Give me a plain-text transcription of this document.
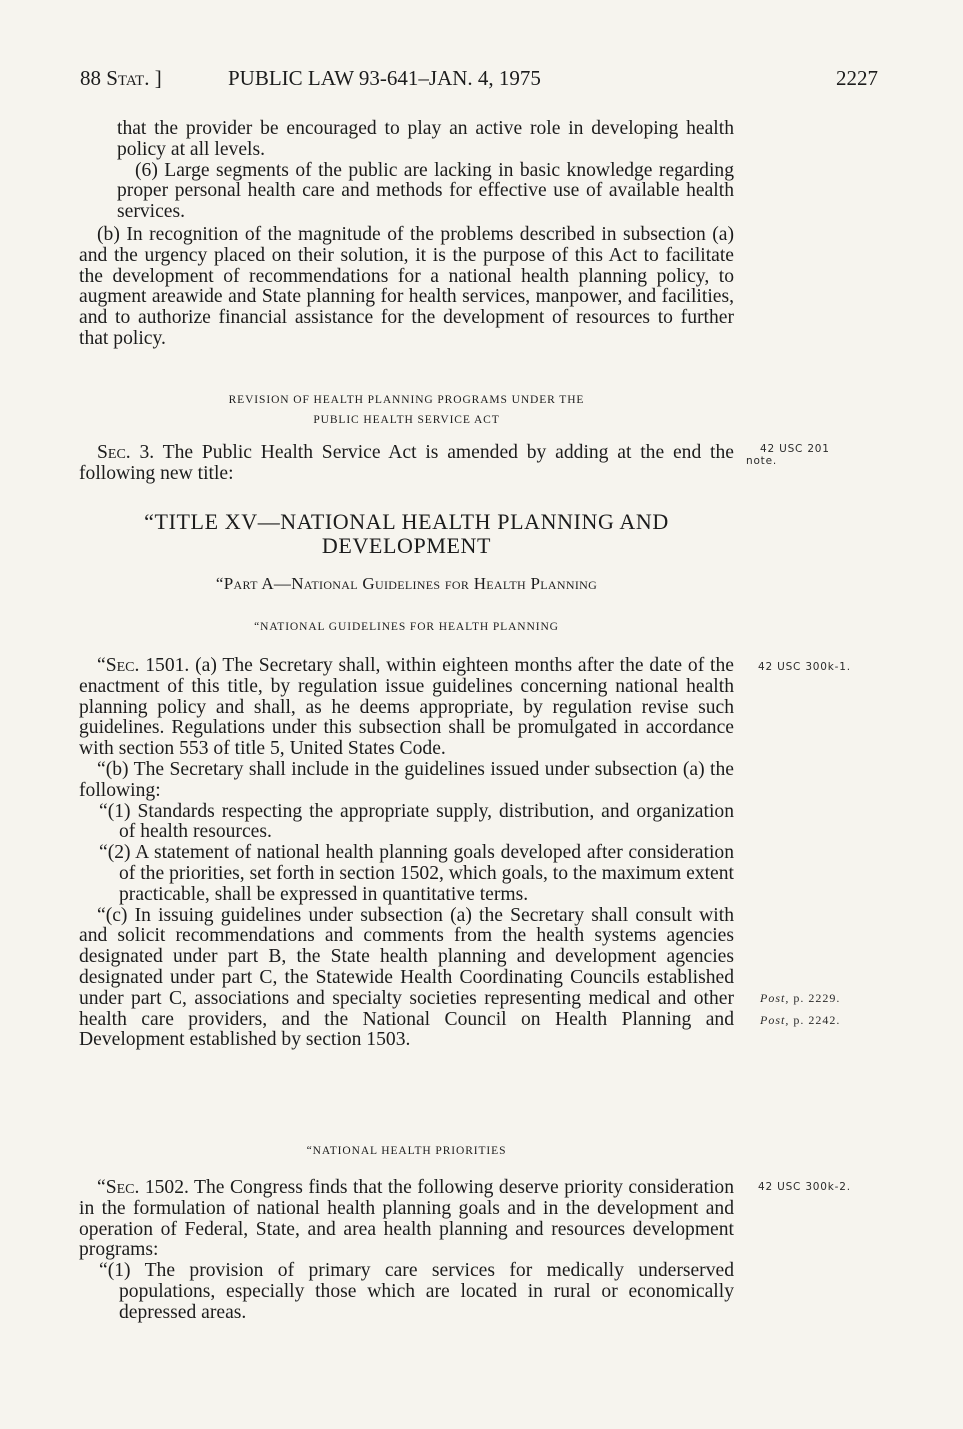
88 Stat. ]	PUBLIC LAW 93-641–JAN. 4, 1975	2227

that the provider be encouraged to play an active role in developing health policy at all levels.

(6) Large segments of the public are lacking in basic knowledge regarding proper personal health care and methods for effective use of available health services.

(b) In recognition of the magnitude of the problems described in subsection (a) and the urgency placed on their solution, it is the purpose of this Act to facilitate the development of recommendations for a national health planning policy, to augment areawide and State planning for health services, manpower, and facilities, and to authorize financial assistance for the development of resources to further that policy.

REVISION OF HEALTH PLANNING PROGRAMS UNDER THE

PUBLIC HEALTH SERVICE ACT

Sec. 3. The Public Health Service Act is amended by adding at the end the following new title:

“TITLE XV—NATIONAL HEALTH PLANNING AND

DEVELOPMENT

“Part A—National Guidelines for Health Planning

“NATIONAL GUIDELINES FOR HEALTH PLANNING

“Sec. 1501. (a) The Secretary shall, within eighteen months after the date of the enactment of this title, by regulation issue guidelines concerning national health planning policy and shall, as he deems appropriate, by regulation revise such guidelines. Regulations under this subsection shall be promulgated in accordance with section 553 of title 5, United States Code.

“(b) The Secretary shall include in the guidelines issued under subsection (a) the following:

“(1) Standards respecting the appropriate supply, distribution, and organization of health resources.

“(2) A statement of national health planning goals developed after consideration of the priorities, set forth in section 1502, which goals, to the maximum extent practicable, shall be expressed in quantitative terms.

“(c) In issuing guidelines under subsection (a) the Secretary shall consult with and solicit recommendations and comments from the health systems agencies designated under part B, the State health planning and development agencies designated under part C, the Statewide Health Coordinating Councils established under part C, associations and specialty societies representing medical and other health care providers, and the National Council on Health Planning and Development established by section 1503.

“NATIONAL HEALTH PRIORITIES

“Sec. 1502. The Congress finds that the following deserve priority consideration in the formulation of national health planning goals and in the development and operation of Federal, State, and area health planning and resources development programs:

“(1) The provision of primary care services for medically underserved populations, especially those which are located in rural or economically depressed areas.

42 USC 201
note.
42 USC 300k-1.
Post, p. 2229.
Post, p. 2242.
42 USC 300k-2.
